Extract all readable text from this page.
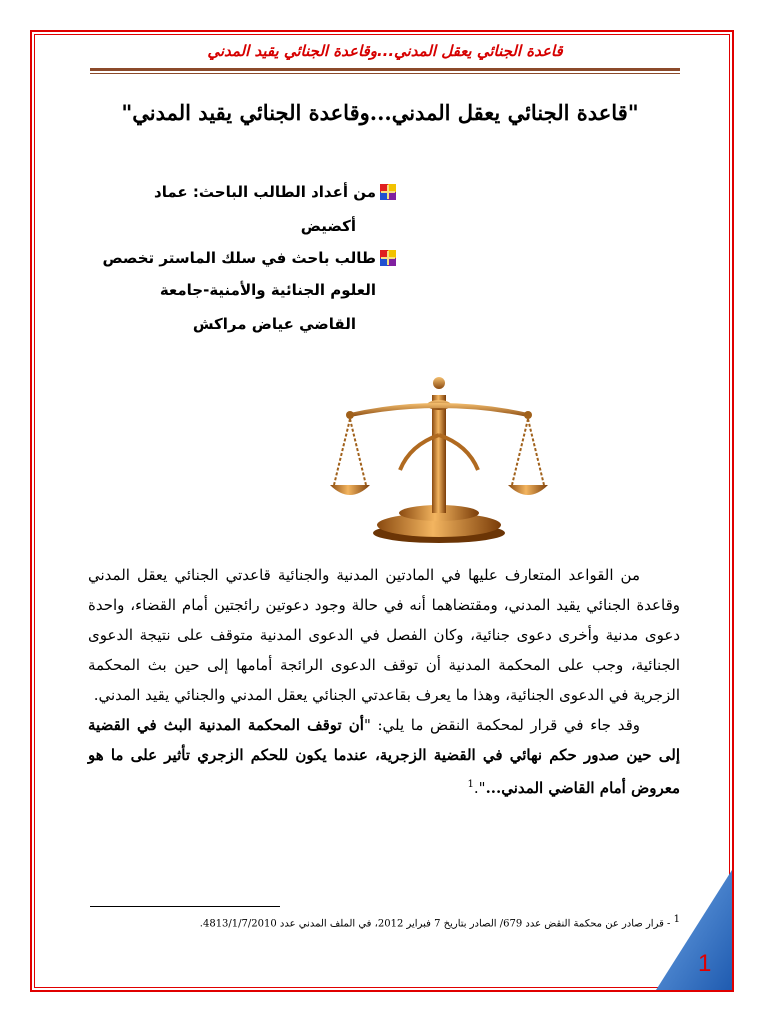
قاعدة الجنائي يعقل المدني...وقاعدة الجنائي يقيد المدني
"قاعدة الجنائي يعقل المدني...وقاعدة الجنائي يقيد المدني"
من أعداد الطالب الباحث: عماد
أكضيض
طالب باحث في سلك الماستر تخصص
العلوم الجنائية والأمنية-جامعة
القاضي عياض مراكش

من القواعد المتعارف عليها في المادتين المدنية والجنائية قاعدتي الجنائي يعقل المدني وقاعدة الجنائي يقيد المدني، ومقتضاهما أنه في حالة وجود دعوتين رائجتين أمام القضاء، واحدة دعوى مدنية وأخرى دعوى جنائية، وكان الفصل في الدعوى المدنية متوقف على نتيجة الدعوى الجنائية، وجب على المحكمة المدنية أن توقف الدعوى الرائجة أمامها إلى حين بث المحكمة الزجرية في الدعوى الجنائية، وهذا ما يعرف بقاعدتي الجنائي يعقل المدني والجنائي يقيد المدني.

وقد جاء في قرار لمحكمة النقض ما يلي: "أن توقف المحكمة المدنية البث في القضية إلى حين صدور حكم نهائي في القضية الزجرية، عندما يكون للحكم الزجري تأثير على ما هو معروض أمام القاضي المدني...".$^1$

$^1$ - قرار صادر عن محكمة النقض عدد 679/ الصادر بتاريخ 7 فبراير 2012، في الملف المدني عدد 4813/1/7/2010.
1
